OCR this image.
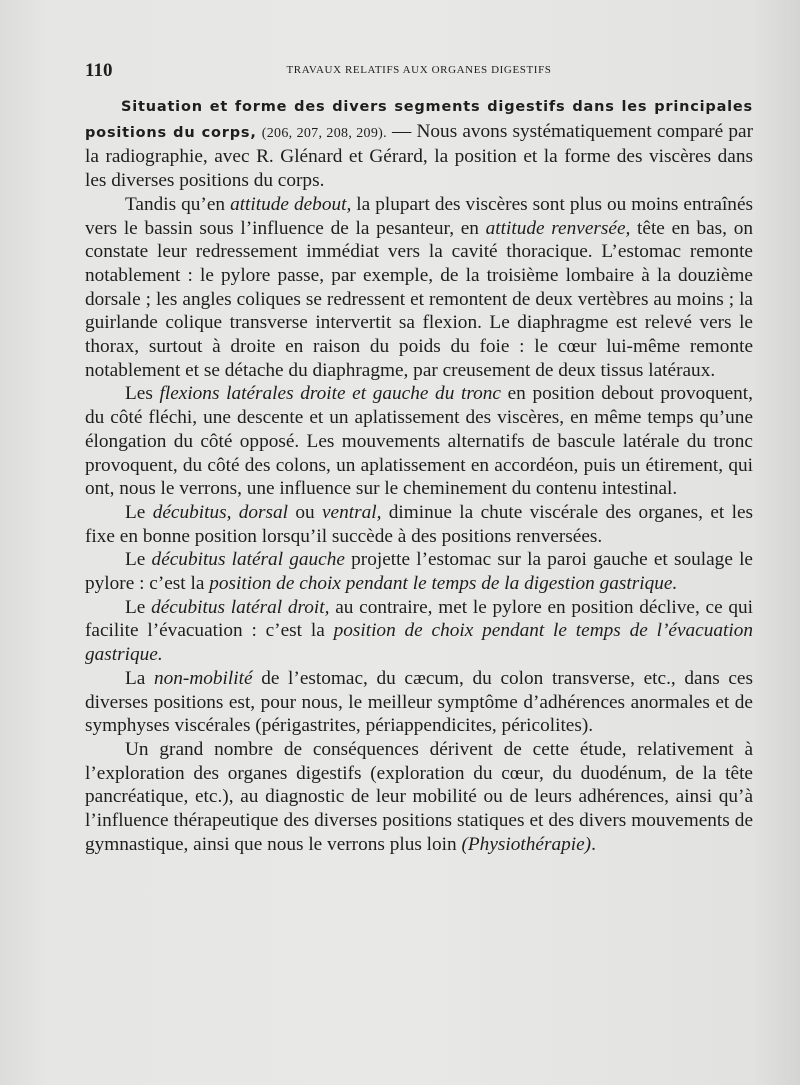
110	TRAVAUX RELATIFS AUX ORGANES DIGESTIFS

Situation et forme des divers segments digestifs dans les principales positions du corps, (206, 207, 208, 209). — Nous avons systématiquement comparé par la radiographie, avec R. Glénard et Gérard, la position et la forme des viscères dans les diverses positions du corps.

Tandis qu’en attitude debout, la plupart des viscères sont plus ou moins entraînés vers le bassin sous l’influence de la pesanteur, en attitude renversée, tête en bas, on constate leur redressement immédiat vers la cavité thoracique. L’estomac remonte notablement : le pylore passe, par exemple, de la troisième lombaire à la douzième dorsale ; les angles coliques se redressent et remontent de deux vertèbres au moins ; la guirlande colique transverse intervertit sa flexion. Le diaphragme est relevé vers le thorax, surtout à droite en raison du poids du foie : le cœur lui-même remonte notablement et se détache du diaphragme, par creusement de deux tissus latéraux.

Les flexions latérales droite et gauche du tronc en position debout provoquent, du côté fléchi, une descente et un aplatissement des viscères, en même temps qu’une élongation du côté opposé. Les mouvements alternatifs de bascule latérale du tronc provoquent, du côté des colons, un aplatissement en accordéon, puis un étirement, qui ont, nous le verrons, une influence sur le cheminement du contenu intestinal.

Le décubitus, dorsal ou ventral, diminue la chute viscérale des organes, et les fixe en bonne position lorsqu’il succède à des positions renversées.

Le décubitus latéral gauche projette l’estomac sur la paroi gauche et soulage le pylore : c’est la position de choix pendant le temps de la digestion gastrique.

Le décubitus latéral droit, au contraire, met le pylore en position déclive, ce qui facilite l’évacuation : c’est la position de choix pendant le temps de l’évacuation gastrique.

La non-mobilité de l’estomac, du cæcum, du colon transverse, etc., dans ces diverses positions est, pour nous, le meilleur symptôme d’adhérences anormales et de symphyses viscérales (périgastrites, périappendicites, péricolites).

Un grand nombre de conséquences dérivent de cette étude, relativement à l’exploration des organes digestifs (exploration du cœur, du duodénum, de la tête pancréatique, etc.), au diagnostic de leur mobilité ou de leurs adhérences, ainsi qu’à l’influence thérapeutique des diverses positions statiques et des divers mouvements de gymnastique, ainsi que nous le verrons plus loin (Physiothérapie).
